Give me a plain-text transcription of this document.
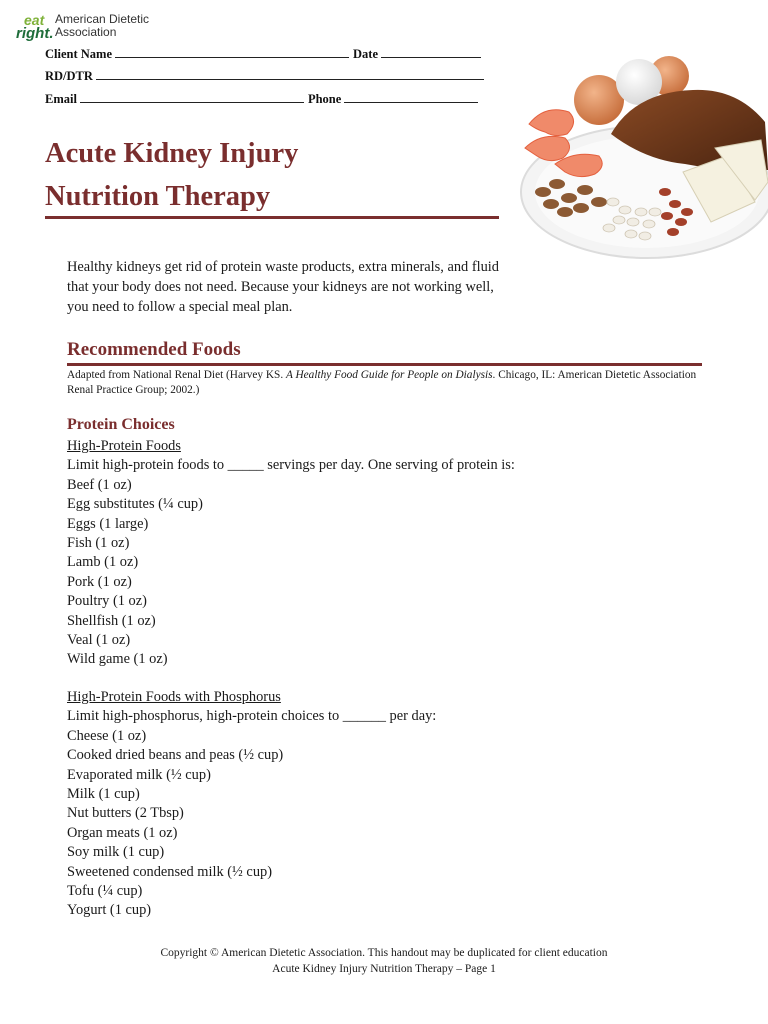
eat
right.
American Dietetic
Association
Client Name	Date
RD/DTR
Email	Phone
Acute Kidney Injury
Nutrition Therapy
Healthy kidneys get rid of protein waste products, extra minerals, and fluid that your body does not need. Because your kidneys are not working well, you need to follow a special meal plan.
Recommended Foods
Adapted from National Renal Diet (Harvey KS. A Healthy Food Guide for People on Dialysis. Chicago, IL: American Dietetic Association Renal Practice Group; 2002.)
Protein Choices
High-Protein Foods
Limit high-protein foods to _____ servings per day. One serving of protein is:
Beef (1 oz)
Egg substitutes (¼ cup)
Eggs (1 large)
Fish (1 oz)
Lamb (1 oz)
Pork (1 oz)
Poultry (1 oz)
Shellfish (1 oz)
Veal (1 oz)
Wild game (1 oz)
High-Protein Foods with Phosphorus
Limit high-phosphorus, high-protein choices to ______ per day:
Cheese (1 oz)
Cooked dried beans and peas (½ cup)
Evaporated milk (½ cup)
Milk (1 cup)
Nut butters (2 Tbsp)
Organ meats (1 oz)
Soy milk (1 cup)
Sweetened condensed milk (½ cup)
Tofu (¼ cup)
Yogurt (1 cup)
Copyright © American Dietetic Association. This handout may be duplicated for client education
Acute Kidney Injury Nutrition Therapy – Page 1
